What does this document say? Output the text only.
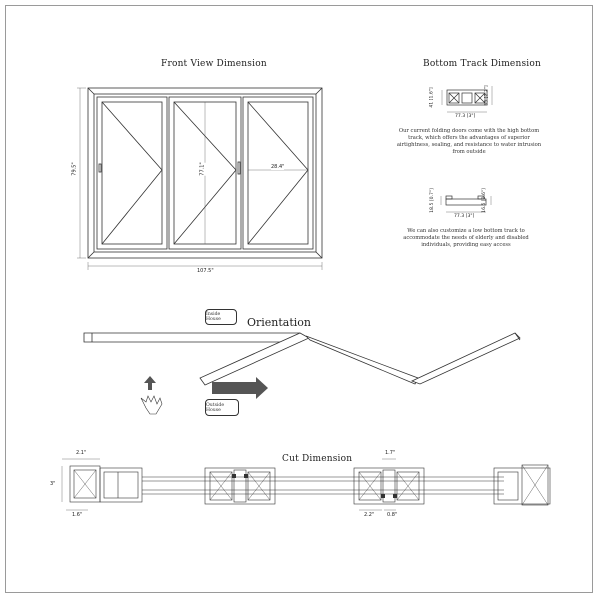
Front View Dimension	Bottom Track Dimension
Orientation
Cut Dimension
79.5"
107.5"
77.1"	28.4"
41 [1.6"]	55 [2.2"]
77.3 [3"]
Our current folding doors come with the high bottom track, which offers the advantages of superior airtightness, sealing, and resistance to water intrusion from outside
18.5 [0.7"]	16.5 [0.6"]
77.3 [3"]
We can also customize a low bottom track to accommodate the needs of elderly and disabled individuals, providing easy access
Inside House
Outside House
2.1"
3"
1.6"
1.7"
2.2"	0.8"
